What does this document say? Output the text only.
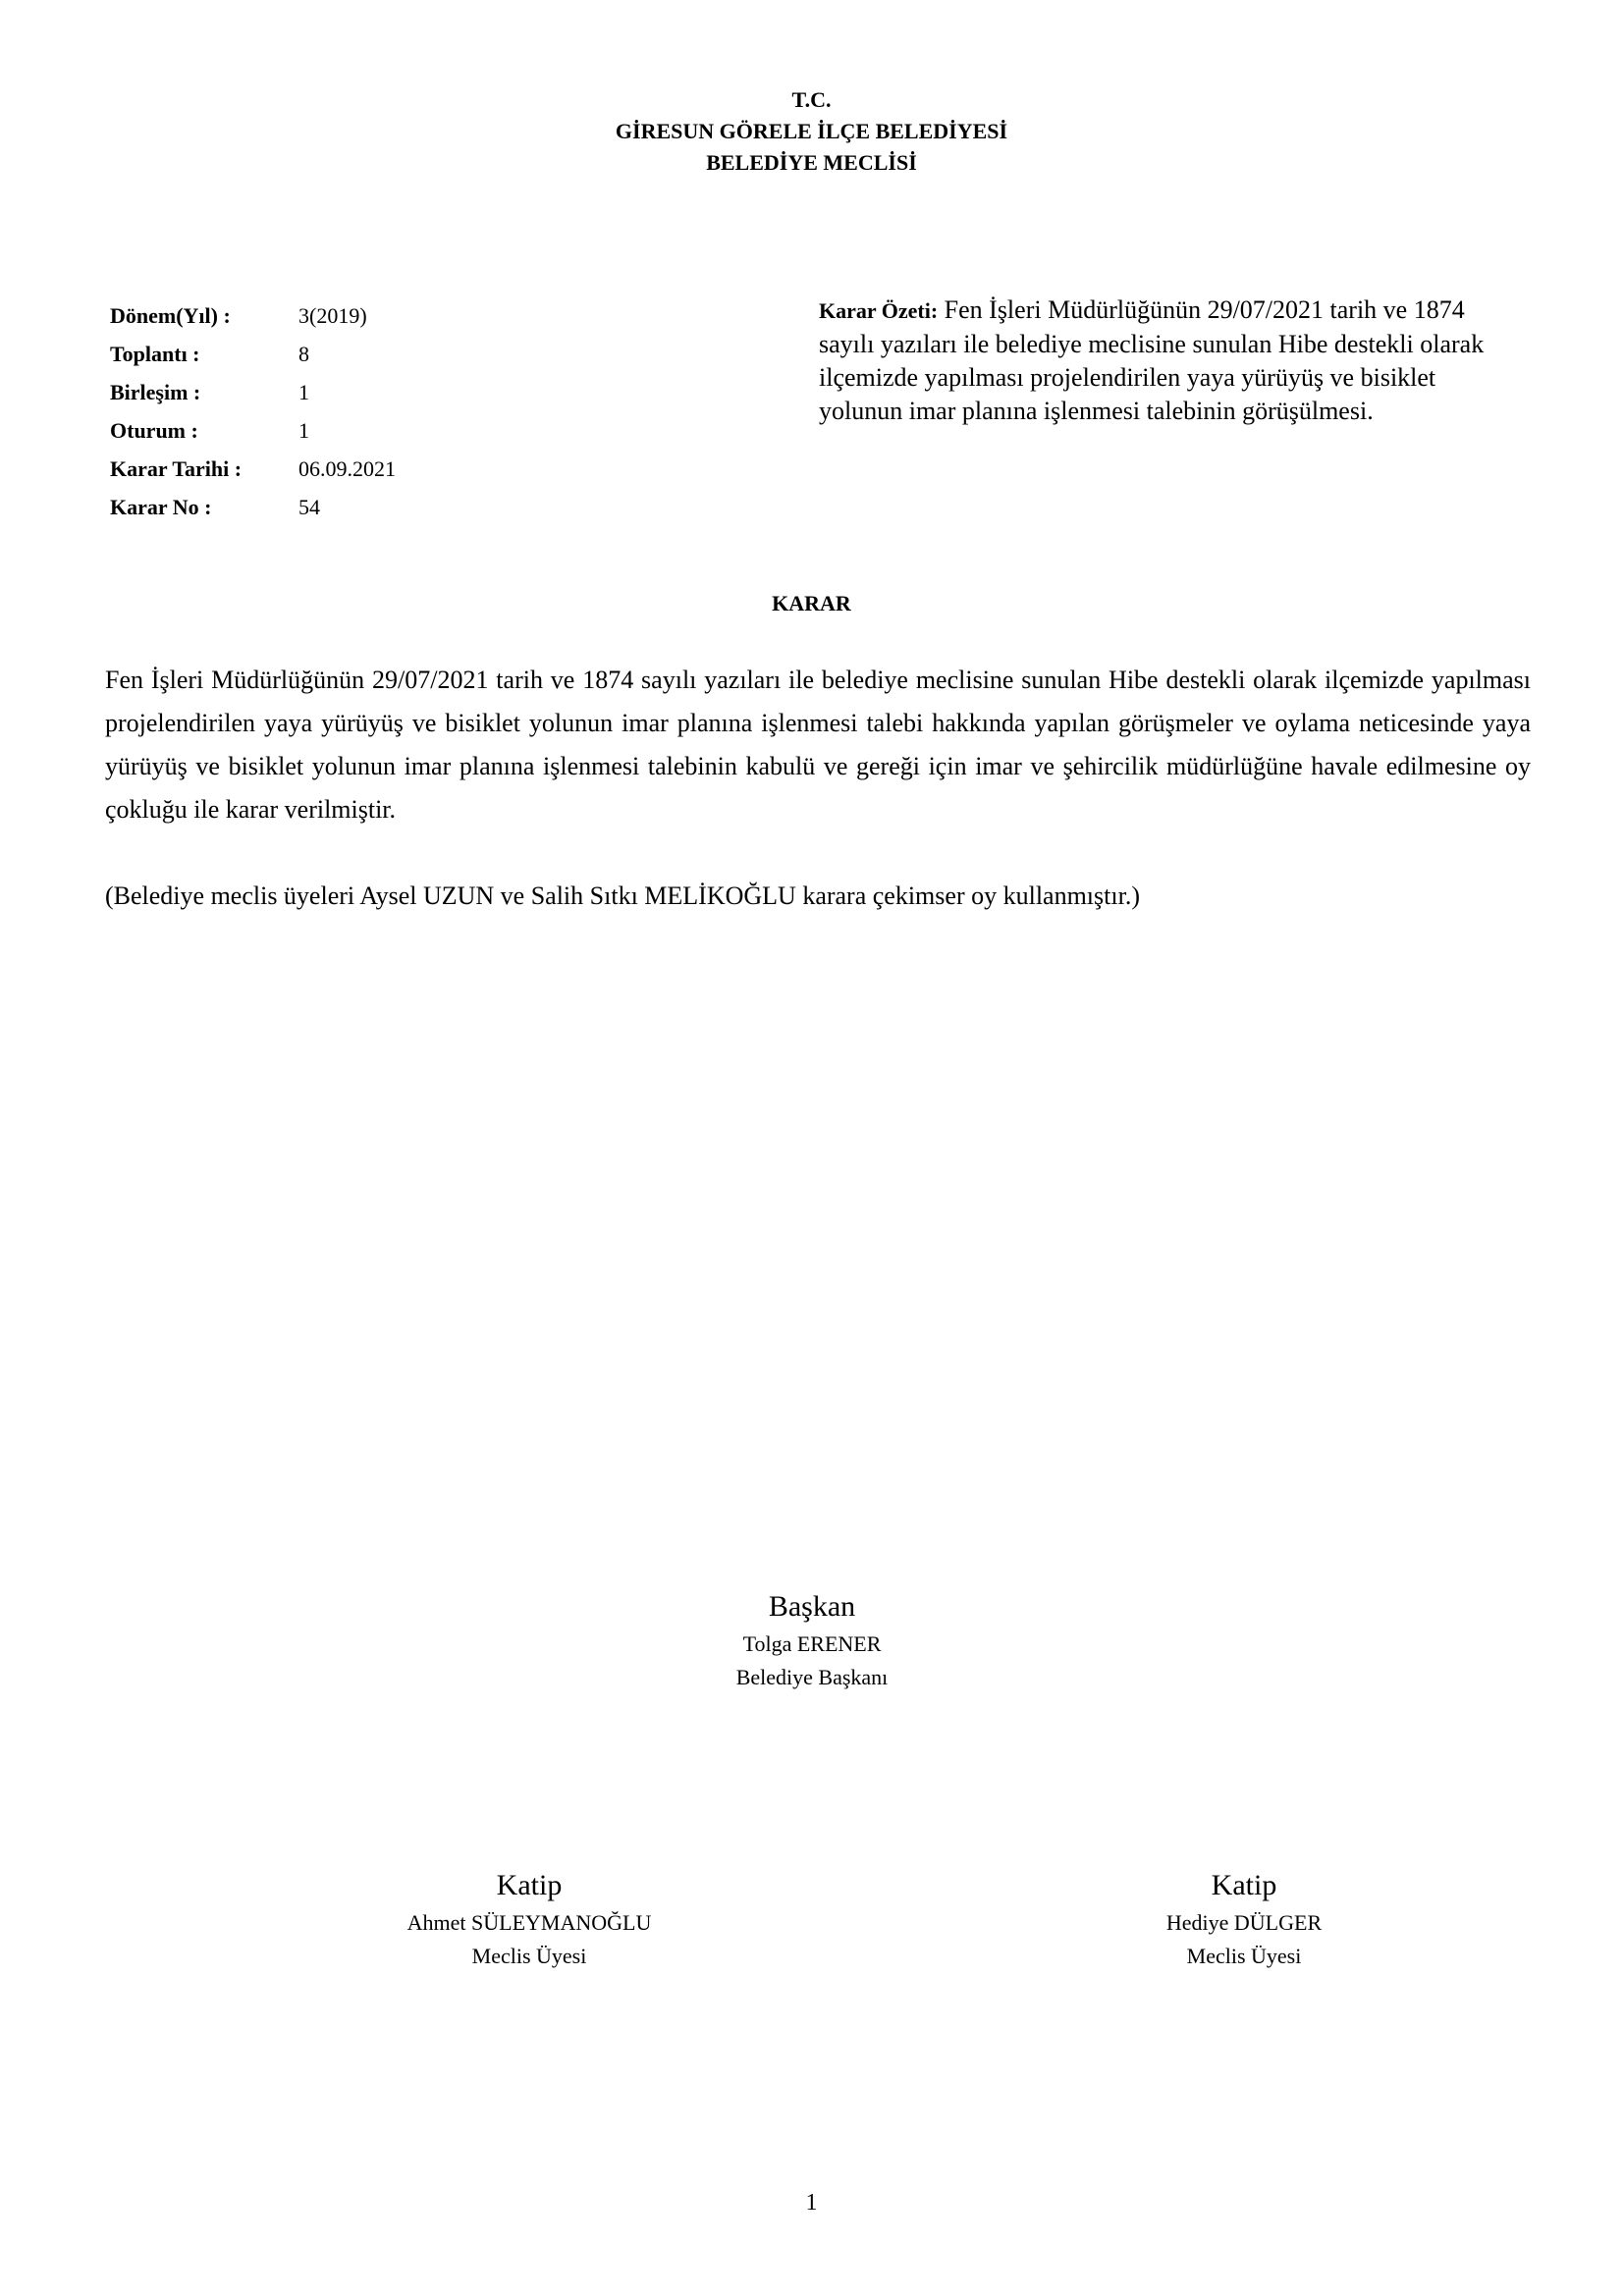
T.C.
GİRESUN GÖRELE İLÇE BELEDİYESİ
BELEDİYE MECLİSİ
Dönem(Yıl) :	3(2019)
Toplantı :	8
Birleşim :	1
Oturum :	1
Karar Tarihi :	06.09.2021
Karar No :	54
Karar Özeti: Fen İşleri Müdürlüğünün 29/07/2021 tarih ve 1874 sayılı yazıları ile belediye meclisine sunulan Hibe destekli olarak ilçemizde yapılması projelendirilen yaya yürüyüş ve bisiklet yolunun imar planına işlenmesi talebinin görüşülmesi.
KARAR
Fen İşleri Müdürlüğünün 29/07/2021 tarih ve 1874 sayılı yazıları ile belediye meclisine sunulan Hibe destekli olarak ilçemizde yapılması projelendirilen yaya yürüyüş ve bisiklet yolunun imar planına işlenmesi talebi hakkında yapılan görüşmeler ve oylama neticesinde yaya yürüyüş ve bisiklet yolunun imar planına işlenmesi talebinin kabulü ve gereği için imar ve şehircilik müdürlüğüne havale edilmesine oy çokluğu ile karar verilmiştir.
(Belediye meclis üyeleri Aysel UZUN ve Salih Sıtkı MELİKOĞLU karara çekimser oy kullanmıştır.)
Başkan
Tolga ERENER
Belediye Başkanı
Katip
Ahmet SÜLEYMANOĞLU
Meclis Üyesi
Katip
Hediye DÜLGER
Meclis Üyesi
1
